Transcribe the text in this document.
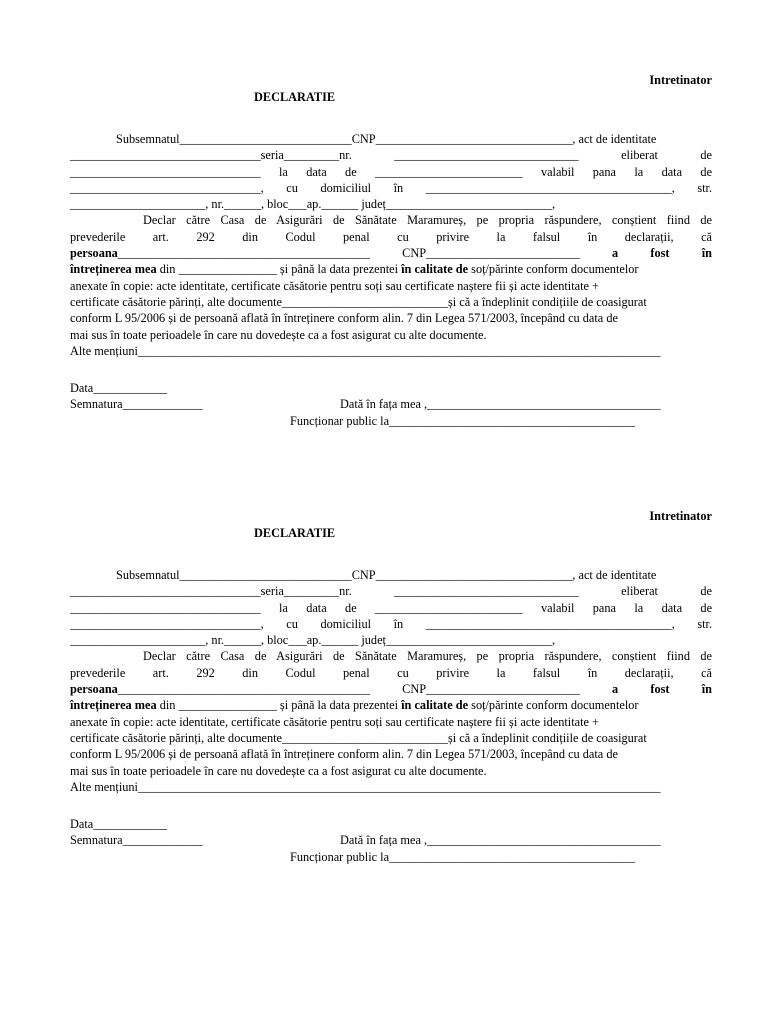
Intretinator
DECLARATIE
Subsemnatul____________________________CNP________________________________, act de identitate
_______________________________seria_________nr.	______________________________	eliberat	de
_______________________________ la data de ________________________ valabil pana la data de
_______________________________, cu domiciliul în ________________________________________, str.
______________________, nr.______, bloc___ap.______ județ___________________________,
Declar către Casa de Asigurări de Sănătate Maramureș, pe propria răspundere, conștient fiind de
prevederile art. 292 din Codul penal cu privire la falsul în declarații, că
persoana_________________________________________	CNP_________________________	a fost în
întreținerea mea din ________________ și până la data prezentei în calitate de soț/părinte conform documentelor
anexate în copie: acte identitate, certificate căsătorie pentru soți sau certificate naștere fii și acte identitate +
certificate căsătorie părinți, alte documente___________________________și că a îndeplinit condițiile de coasigurat
conform L 95/2006 și de persoană aflată în întreținere conform alin. 7 din Legea 571/2003, începând cu data de
mai sus în toate perioadele în care nu dovedește ca a fost asigurat cu alte documente.
Alte mențiuni_____________________________________________________________________________________
Data____________
Semnatura_____________	Dată în fața mea ,______________________________________
Funcționar public la________________________________________
Intretinator
DECLARATIE
Subsemnatul____________________________CNP________________________________, act de identitate
_______________________________seria_________nr.	______________________________	eliberat	de
_______________________________ la data de ________________________ valabil pana la data de
_______________________________, cu domiciliul în ________________________________________, str.
______________________, nr.______, bloc___ap.______ județ___________________________,
Declar către Casa de Asigurări de Sănătate Maramureș, pe propria răspundere, conștient fiind de
prevederile art. 292 din Codul penal cu privire la falsul în declarații, că
persoana_________________________________________	CNP_________________________	a fost în
întreținerea mea din ________________ și până la data prezentei în calitate de soț/părinte conform documentelor
anexate în copie: acte identitate, certificate căsătorie pentru soți sau certificate naștere fii și acte identitate +
certificate căsătorie părinți, alte documente___________________________și că a îndeplinit condițiile de coasigurat
conform L 95/2006 și de persoană aflată în întreținere conform alin. 7 din Legea 571/2003, începând cu data de
mai sus în toate perioadele în care nu dovedește ca a fost asigurat cu alte documente.
Alte mențiuni_____________________________________________________________________________________
Data____________
Semnatura_____________	Dată în fața mea ,______________________________________
Funcționar public la________________________________________
